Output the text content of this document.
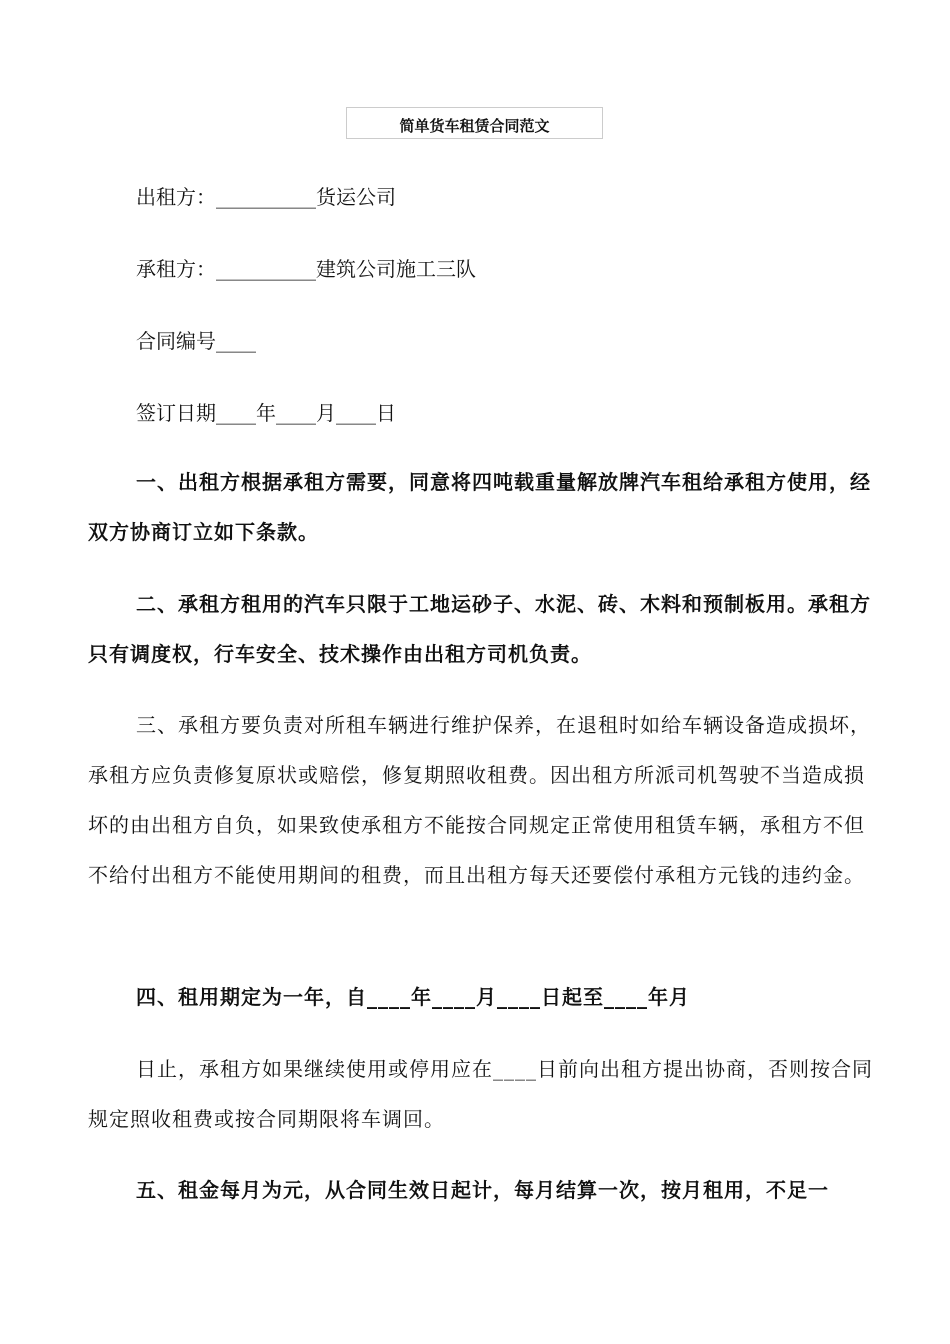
简单货车租赁合同范文
出租方：__________货运公司
承租方：__________建筑公司施工三队
合同编号____
签订日期____年____月____日

一、出租方根据承租方需要，同意将四吨载重量解放牌汽车租给承租方使用，经双方协商订立如下条款。

二、承租方租用的汽车只限于工地运砂子、水泥、砖、木料和预制板用。承租方只有调度权，行车安全、技术操作由出租方司机负责。

三、承租方要负责对所租车辆进行维护保养，在退租时如给车辆设备造成损坏，承租方应负责修复原状或赔偿，修复期照收租费。因出租方所派司机驾驶不当造成损坏的由出租方自负，如果致使承租方不能按合同规定正常使用租赁车辆，承租方不但不给付出租方不能使用期间的租费，而且出租方每天还要偿付承租方元钱的违约金。

四、租用期定为一年，自____年____月____日起至____年月

日止，承租方如果继续使用或停用应在____日前向出租方提出协商，否则按合同规定照收租费或按合同期限将车调回。

五、租金每月为元，从合同生效日起计，每月结算一次，按月租用，不足一
